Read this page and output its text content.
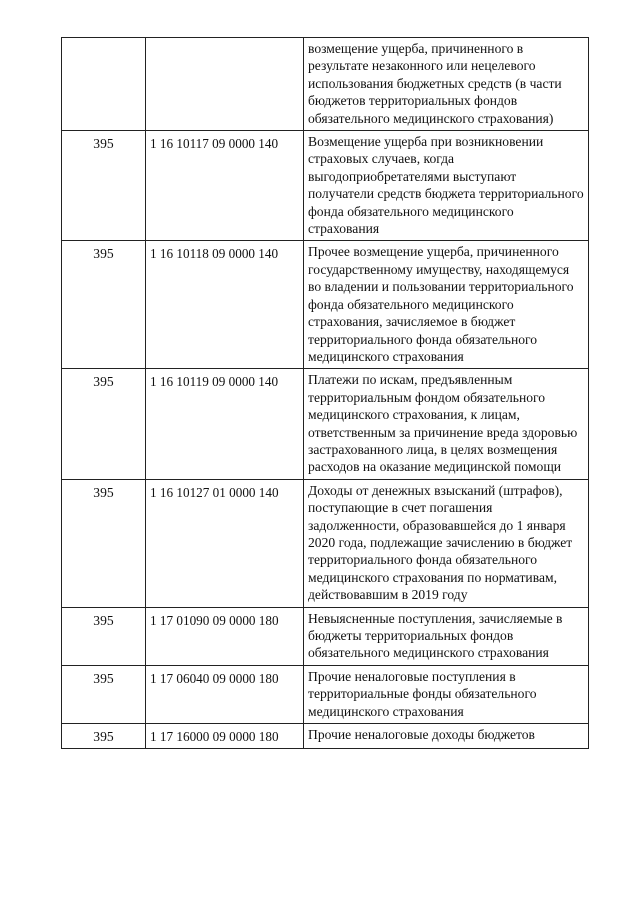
		возмещение ущерба, причиненного в результате незаконного или нецелевого использования бюджетных средств (в части бюджетов территориальных фондов обязательного медицинского страхования)
395	1 16 10117 09 0000 140	Возмещение ущерба при возникновении страховых случаев, когда выгодоприобретателями выступают получатели средств бюджета территориального фонда обязательного медицинского страхования
395	1 16 10118 09 0000 140	Прочее возмещение ущерба, причиненного государственному имуществу, находящемуся во владении и пользовании территориального фонда обязательного медицинского страхования, зачисляемое в бюджет территориального фонда обязательного медицинского страхования
395	1 16 10119 09 0000 140	Платежи по искам, предъявленным территориальным фондом обязательного медицинского страхования, к лицам, ответственным за причинение вреда здоровью застрахованного лица, в целях возмещения расходов на оказание медицинской помощи
395	1 16 10127 01 0000 140	Доходы от денежных взысканий (штрафов), поступающие в счет погашения задолженности, образовавшейся до 1 января 2020 года, подлежащие зачислению в бюджет территориального фонда обязательного медицинского страхования по нормативам, действовавшим в 2019 году
395	1 17 01090 09 0000 180	Невыясненные поступления, зачисляемые в бюджеты территориальных фондов обязательного медицинского страхования
395	1 17 06040 09 0000 180	Прочие неналоговые поступления в территориальные фонды обязательного медицинского страхования
395	1 17 16000 09 0000 180	Прочие неналоговые доходы бюджетов
